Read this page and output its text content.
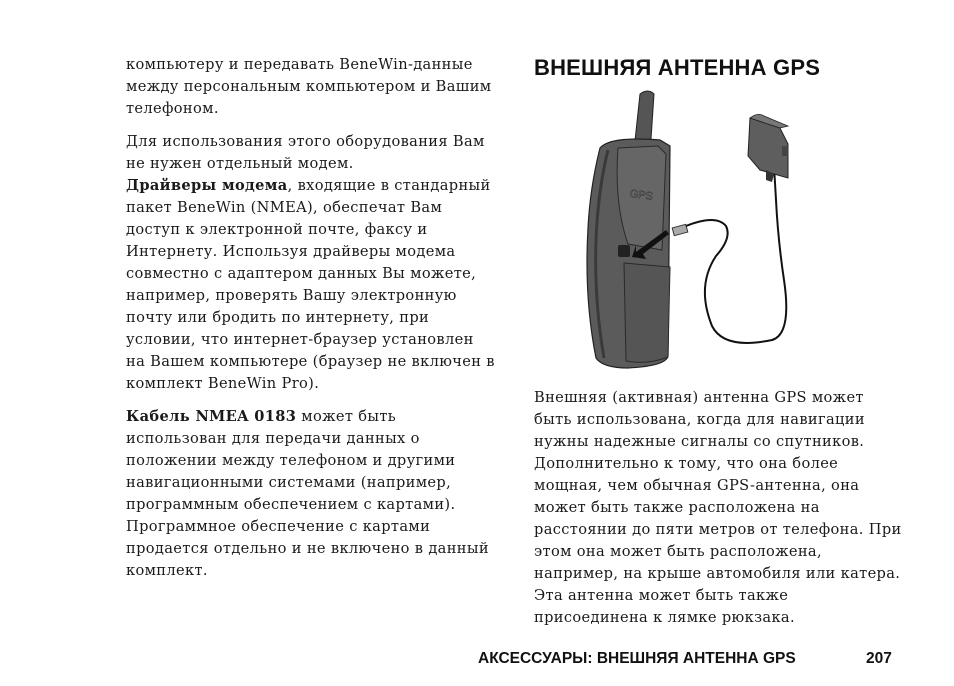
компьютеру и передавать BeneWin-данные между персональным компьютером и Вашим телефоном.

Для использования этого оборудования Вам не нужен отдельный модем.

Драйверы модема, входящие в стандарный пакет BeneWin (NMEA), обеспечат Вам доступ к электронной почте, факсу и Интернету. Используя драйверы модема совместно с адаптером данных Вы можете, например, проверять Вашу электронную почту или бродить по интернету, при условии, что интернет-браузер установлен на Вашем компьютере (браузер не включен в комплект BeneWin Pro).

Кабель NMEA 0183 может быть использован для передачи данных о положении между телефоном и другими навигационными системами (например, программным обеспечением с картами). Программное обеспечение с картами продается отдельно и не включено в данный комплект.

ВНЕШНЯЯ АНТЕННА GPS
GPS

Внешняя (активная) антенна GPS может быть использована, когда для навигации нужны надежные сигналы со спутников. Дополнительно к тому, что она более мощная, чем обычная GPS-антенна, она может быть также расположена на расстоянии до пяти метров от телефона. При этом она может быть расположена, например, на крыше автомобиля или катера. Эта антенна может быть также присоединена к лямке рюкзака.

АКСЕССУАРЫ: ВНЕШНЯЯ АНТЕННА GPS	207
